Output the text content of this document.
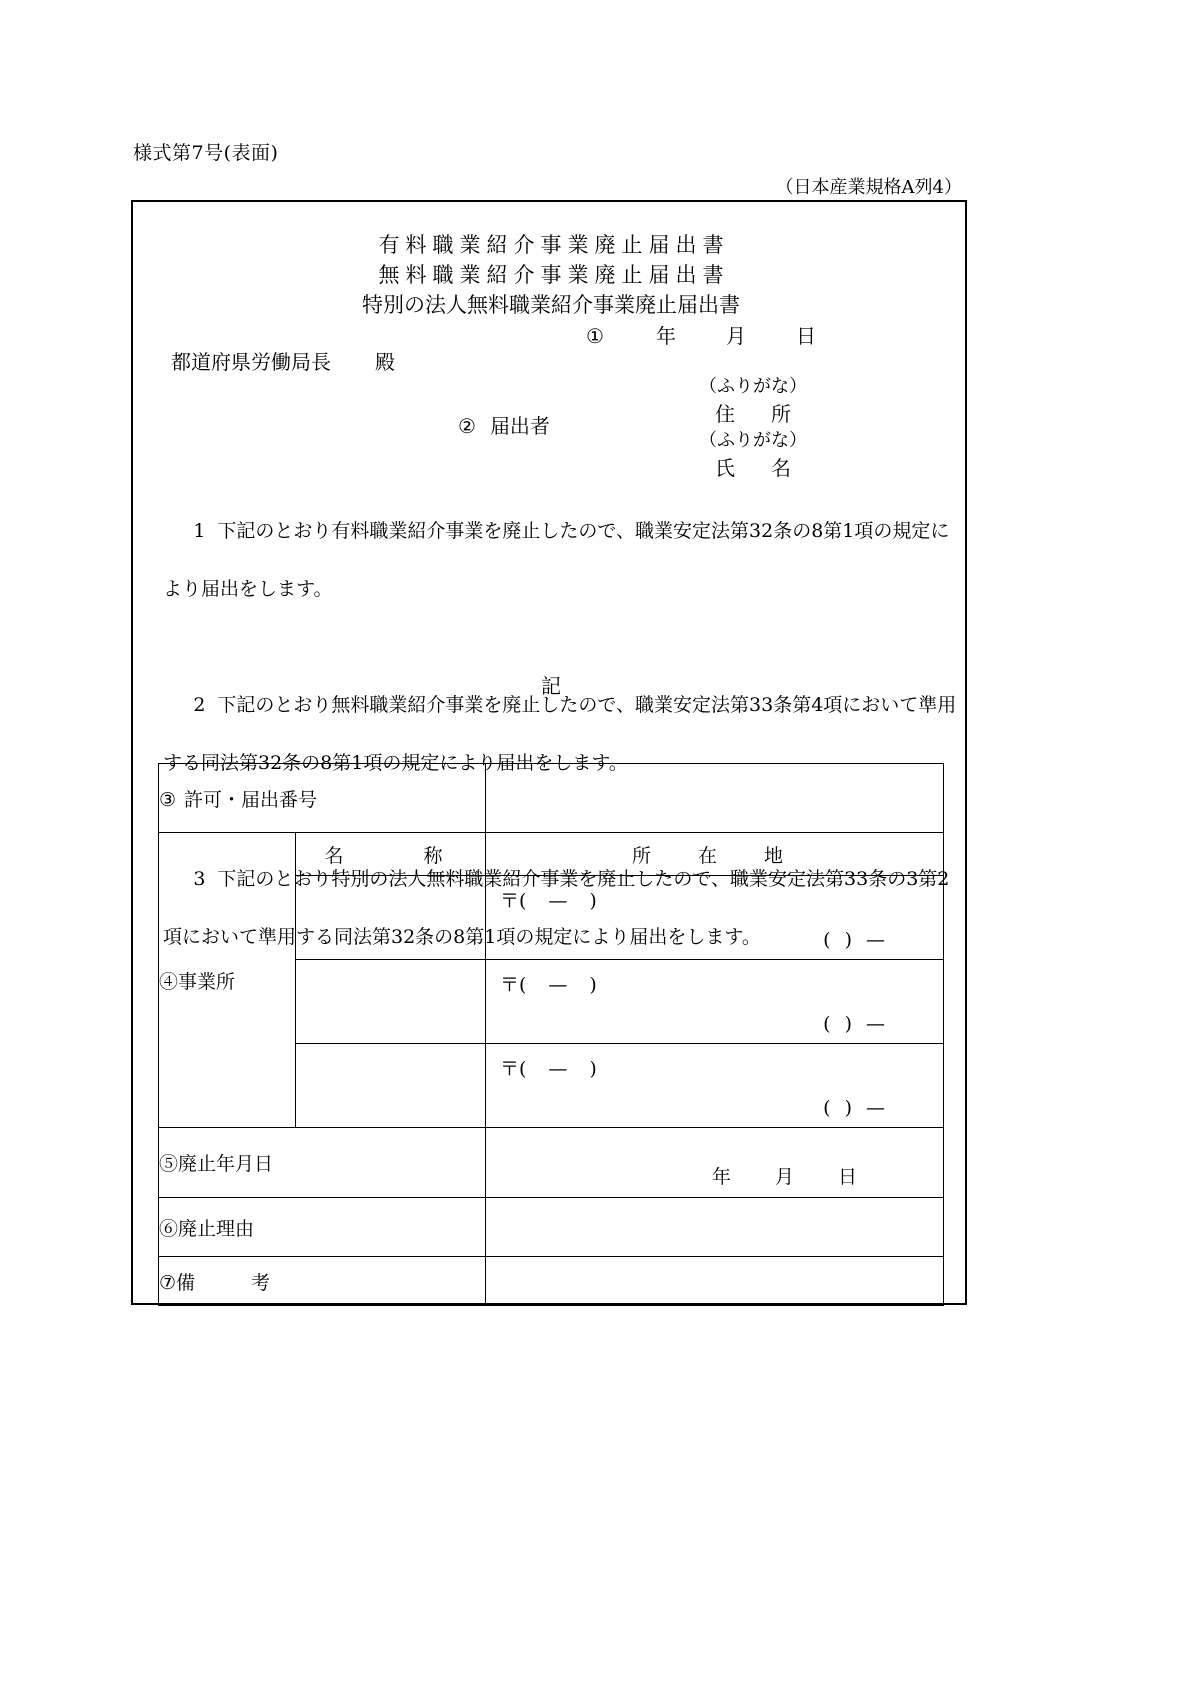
様式第7号(表面)
（日本産業規格A列4）
有料職業紹介事業廃止届出書
無料職業紹介事業廃止届出書
特別の法人無料職業紹介事業廃止届出書
①	年	月	日
都道府県労働局長 殿
② 届出者
（ふりがな）
住　所
（ふりがな）
氏　名

1 下記のとおり有料職業紹介事業を廃止したので、職業安定法第32条の8第1項の規定に

より届出をします。

2 下記のとおり無料職業紹介事業を廃止したので、職業安定法第33条第4項において準用

する同法第32条の8第1項の規定により届出をします。

3 下記のとおり特別の法人無料職業紹介事業を廃止したので、職業安定法第33条の3第2

項において準用する同法第32条の8第1項の規定により届出をします。

記
③ 許可・届出番号		
④事業所	名　　称	所　在　地

		〒( — )
( ) —

		〒( — )
( ) —

		〒( — )
( ) —

⑤廃止年月日		年 月 日

⑥廃止理由		
⑦備　　考		
